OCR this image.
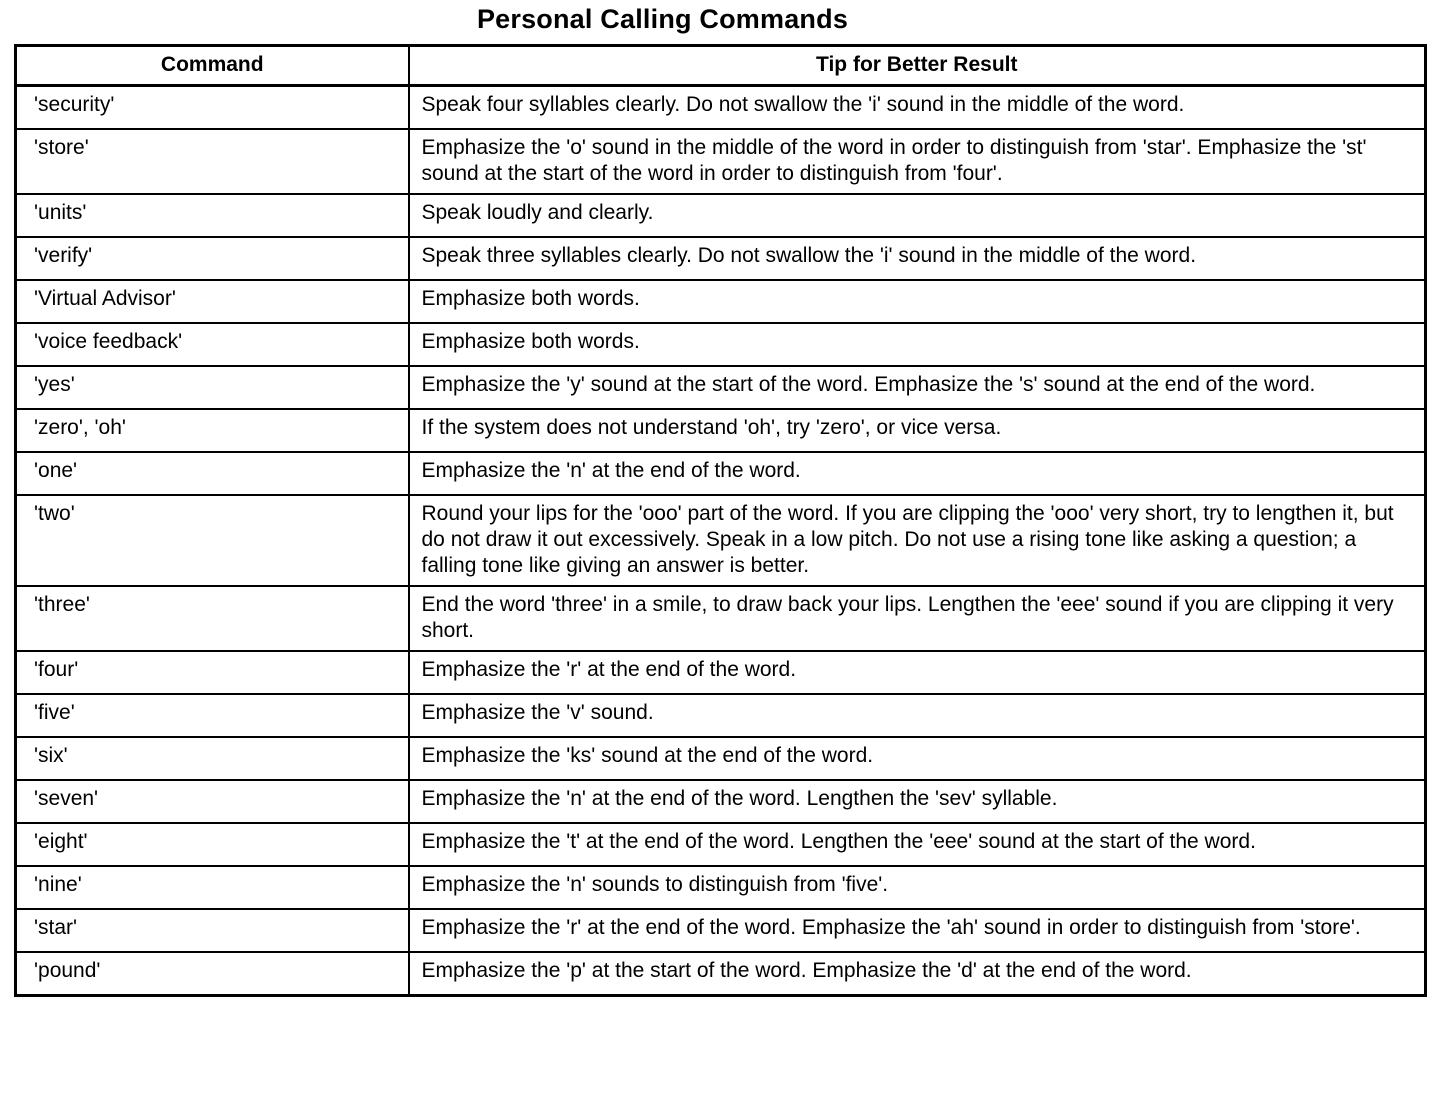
Personal Calling Commands
Command	Tip for Better Result
'security'	Speak four syllables clearly. Do not swallow the 'i' sound in the middle of the word.
'store'	Emphasize the 'o' sound in the middle of the word in order to distinguish from 'star'. Emphasize the 'st' sound at the start of the word in order to distinguish from 'four'.
'units'	Speak loudly and clearly.
'verify'	Speak three syllables clearly. Do not swallow the 'i' sound in the middle of the word.
'Virtual Advisor'	Emphasize both words.
'voice feedback'	Emphasize both words.
'yes'	Emphasize the 'y' sound at the start of the word. Emphasize the 's' sound at the end of the word.
'zero', 'oh'	If the system does not understand 'oh', try 'zero', or vice versa.
'one'	Emphasize the 'n' at the end of the word.
'two'	Round your lips for the 'ooo' part of the word. If you are clipping the 'ooo' very short, try to lengthen it, but do not draw it out excessively. Speak in a low pitch. Do not use a rising tone like asking a question; a falling tone like giving an answer is better.
'three'	End the word 'three' in a smile, to draw back your lips. Lengthen the 'eee' sound if you are clipping it very short.
'four'	Emphasize the 'r' at the end of the word.
'five'	Emphasize the 'v' sound.
'six'	Emphasize the 'ks' sound at the end of the word.
'seven'	Emphasize the 'n' at the end of the word. Lengthen the 'sev' syllable.
'eight'	Emphasize the 't' at the end of the word. Lengthen the 'eee' sound at the start of the word.
'nine'	Emphasize the 'n' sounds to distinguish from 'five'.
'star'	Emphasize the 'r' at the end of the word. Emphasize the 'ah' sound in order to distinguish from 'store'.
'pound'	Emphasize the 'p' at the start of the word. Emphasize the 'd' at the end of the word.
